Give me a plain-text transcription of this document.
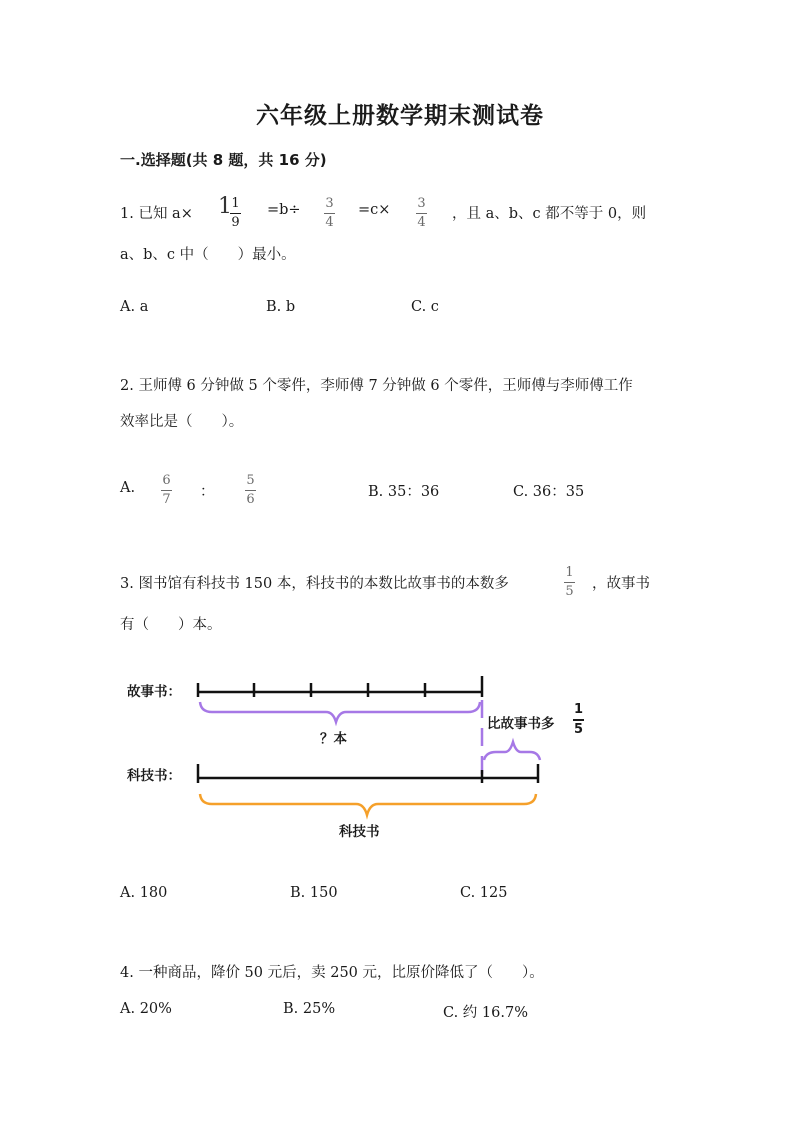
六年级上册数学期末测试卷
一.选择题(共 8 题，共 16 分)
1. 已知 a× 1 1
9
=b÷ 3
4
=c× 3
4
，且 a、b、c 都不等于 0，则
a、b、c 中（　　）最小。
A. a	B. b	C. c
2. 王师傅 6 分钟做 5 个零件，李师傅 7 分钟做 6 个零件，王师傅与李师傅工作
效率比是（　　）。
A. 6
7 ：
5
6	B. 35：36	C. 36：35
3. 图书馆有科技书 150 本，科技书的本数比故事书的本数多
1
5 ，故事书
有（　　）本。
故事书：
科技书：
？本
比故事书多
1
5
科技书
A. 180	B. 150	C. 125
4. 一种商品，降价 50 元后，卖 250 元，比原价降低了（　　）。
A. 20%	B. 25%	C. 约 16.7%
